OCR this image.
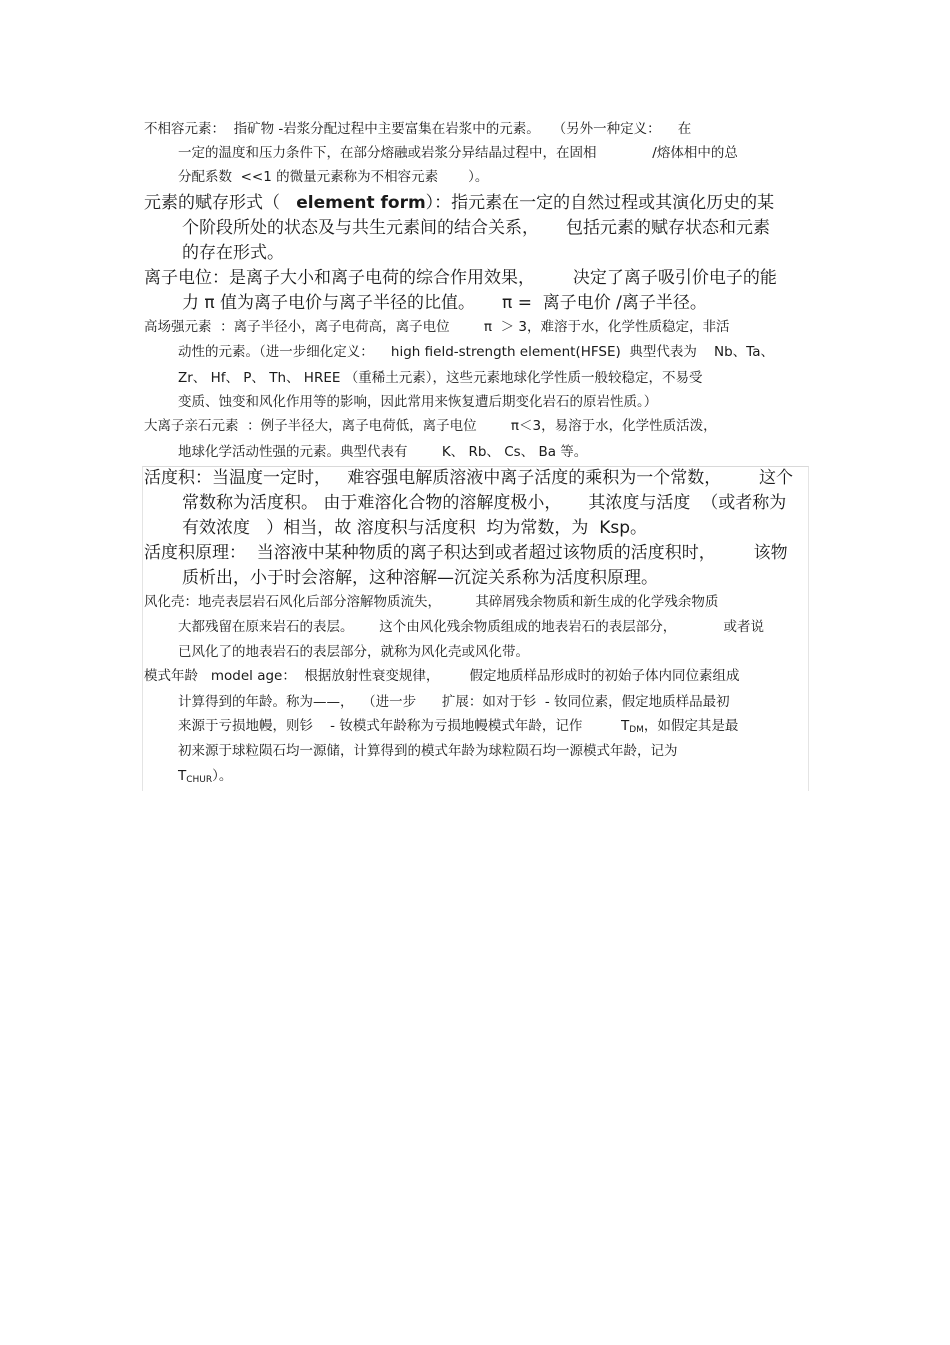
不相容元素：  指矿物 -岩浆分配过程中主要富集在岩浆中的元素。   （另外一种定义：    在
一定的温度和压力条件下，在部分熔融或岩浆分异结晶过程中，在固相             /熔体相中的总
分配系数  <<1 的微量元素称为不相容元素       ）。
元素的赋存形式（   element form）：指元素在一定的自然过程或其演化历史的某
个阶段所处的状态及与共生元素间的结合关系，     包括元素的赋存状态和元素
的存在形式。
离子电位：是离子大小和离子电荷的综合作用效果，       决定了离子吸引价电子的能
力 π 值为离子电价与离子半径的比值。     π =  离子电价 /离子半径。
高场强元素  ：离子半径小，离子电荷高，离子电位        π  ＞ 3，难溶于水，化学性质稳定，非活
动性的元素。（进一步细化定义：    high field-strength element(HFSE)  典型代表为    Nb、Ta、
Zr、 Hf、 P、 Th、 HREE （重稀土元素），这些元素地球化学性质一般较稳定，不易受
变质、蚀变和风化作用等的影响，因此常用来恢复遭后期变化岩石的原岩性质。）
大离子亲石元素  ：例子半径大，离子电荷低，离子电位        π＜3，易溶于水，化学性质活泼，
地球化学活动性强的元素。典型代表有        K、 Rb、 Cs、 Ba 等。
活度积：当温度一定时，   难容强电解质溶液中离子活度的乘积为一个常数，       这个
常数称为活度积。 由于难溶化合物的溶解度极小，     其浓度与活度  （或者称为
有效浓度   ）相当，故 溶度积与活度积  均为常数，为  Ksp。
活度积原理：  当溶液中某种物质的离子积达到或者超过该物质的活度积时，       该物
质析出，小于时会溶解，这种溶解—沉淀关系称为活度积原理。
风化壳：地壳表层岩石风化后部分溶解物质流失，        其碎屑残余物质和新生成的化学残余物质
大都残留在原来岩石的表层。      这个由风化残余物质组成的地表岩石的表层部分，           或者说
已风化了的地表岩石的表层部分，就称为风化壳或风化带。
模式年龄   model age：  根据放射性衰变规律，       假定地质样品形成时的初始子体内同位素组成
计算得到的年龄。称为——，  （进一步      扩展：如对于钐  - 钕同位素，假定地质样品最初
来源于亏损地幔，则钐    - 钕模式年龄称为亏损地幔模式年龄，记作         $T_{DM}$，如假定其是最
初来源于球粒陨石均一源储，计算得到的模式年龄为球粒陨石均一源模式年龄，记为
$T_{CHUR}$）。
